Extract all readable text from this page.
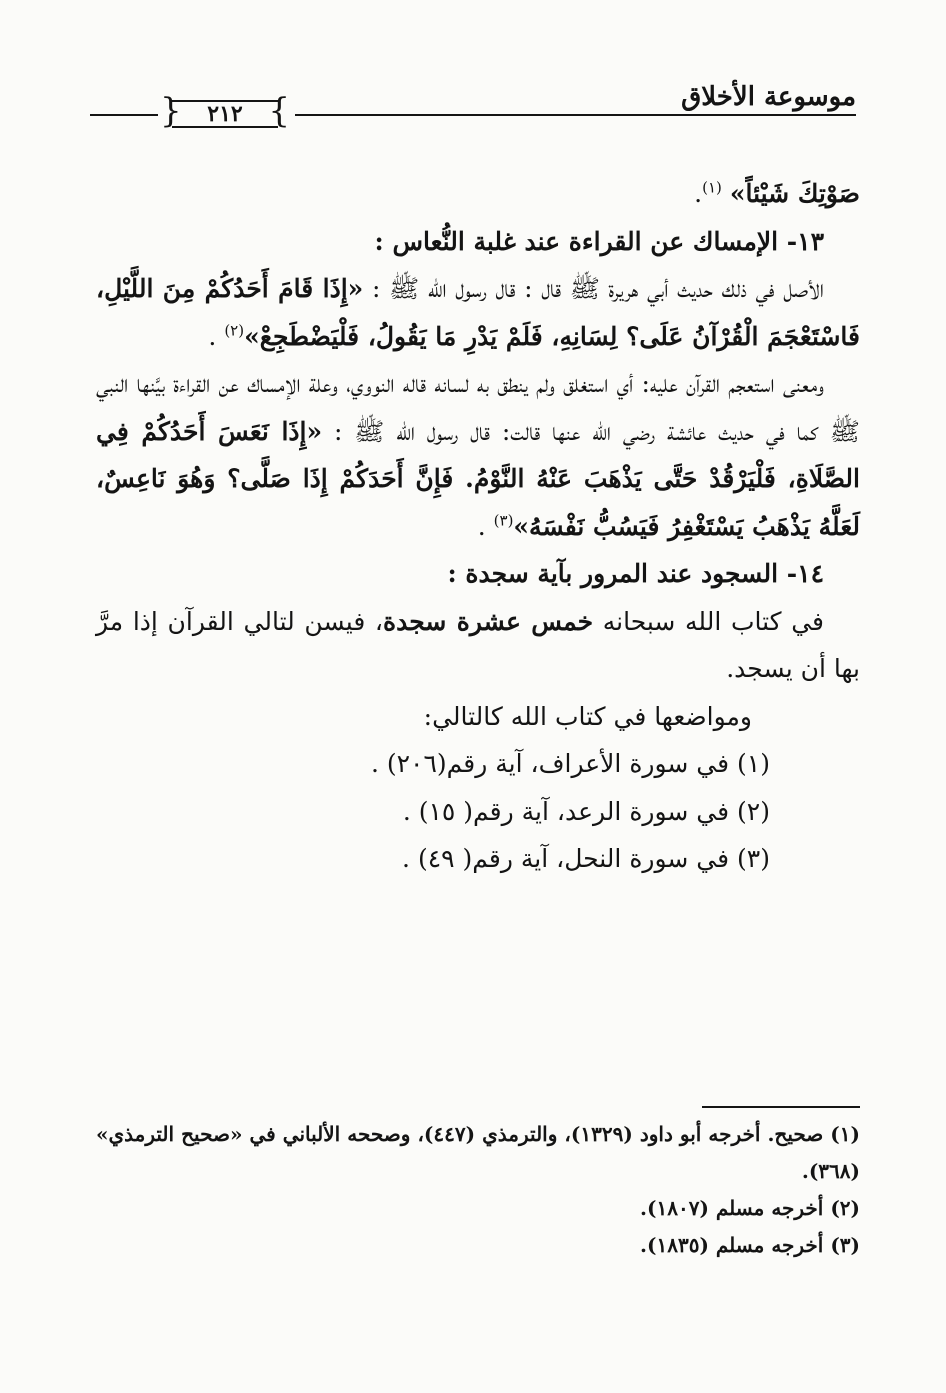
موسوعة الأخلاق
}
٢١٢
{

صَوْتِكَ شَيْئاً» $^{(١)}$.

١٣- الإمساك عن القراءة عند غلبة النُّعاس :

الأصل في ذلك حديث أبي هريرة ﷺ قال : قال رسول الله ﷺ : «إِذَا قَامَ أَحَدُكُمْ مِنَ اللَّيْلِ، فَاسْتَعْجَمَ الْقُرْآنُ عَلَى؟ لِسَانِهِ، فَلَمْ يَدْرِ مَا يَقُولُ، فَلْيَضْطَجِعْ»$^{(٢)}$ .

ومعنى استعجم القرآن عليه: أي استغلق ولم ينطق به لسانه قاله النووي، وعلة الإمساك عن القراءة بيَّنها النبي ﷺ كما في حديث عائشة رضي الله عنها قالت: قال رسول الله ﷺ : «إِذَا نَعَسَ أَحَدُكُمْ فِي الصَّلَاةِ، فَلْيَرْقُدْ حَتَّى يَذْهَبَ عَنْهُ النَّوْمُ. فَإِنَّ أَحَدَكُمْ إِذَا صَلَّى؟ وَهُوَ نَاعِسٌ، لَعَلَّهُ يَذْهَبُ يَسْتَغْفِرُ فَيَسُبُّ نَفْسَهُ»$^{(٣)}$ .

١٤- السجود عند المرور بآية سجدة :

في كتاب الله سبحانه خمس عشرة سجدة، فيسن لتالي القرآن إذا مرَّ بها أن يسجد.

ومواضعها في كتاب الله كالتالي:
(١) في سورة الأعراف، آية رقم(٢٠٦) .
(٢) في سورة الرعد، آية رقم( ١٥) .
(٣) في سورة النحل، آية رقم( ٤٩) .

(١) صحيح. أخرجه أبو داود (١٣٢٩)، والترمذي (٤٤٧)، وصححه الألباني في «صحيح الترمذي» (٣٦٨).

(٢) أخرجه مسلم (١٨٠٧).

(٣) أخرجه مسلم (١٨٣٥).
